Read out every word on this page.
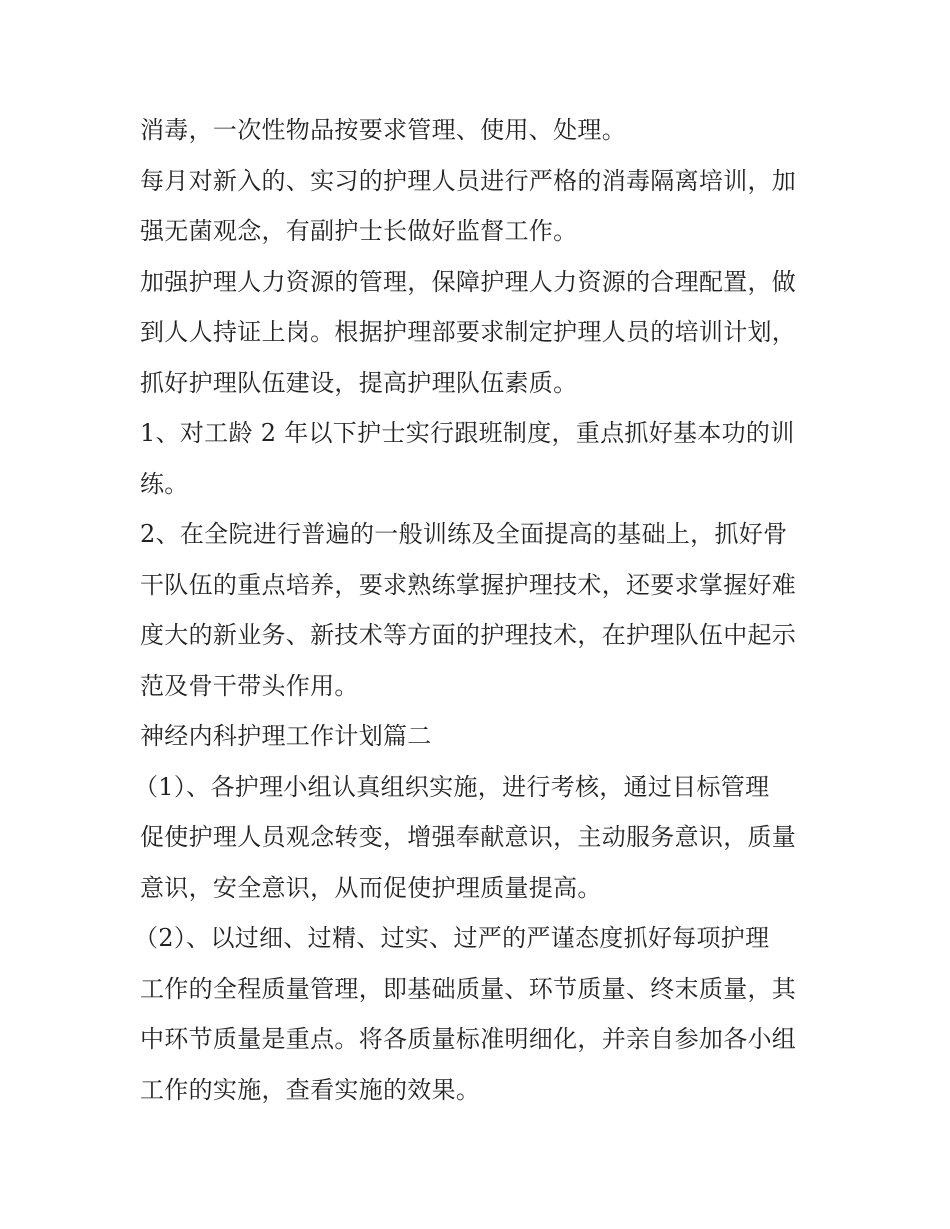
消毒，一次性物品按要求管理、使用、处理。
每月对新入的、实习的护理人员进行严格的消毒隔离培训，加
强无菌观念，有副护士长做好监督工作。
加强护理人力资源的管理，保障护理人力资源的合理配置，做
到人人持证上岗。根据护理部要求制定护理人员的培训计划，
抓好护理队伍建设，提高护理队伍素质。
1、对工龄 2 年以下护士实行跟班制度，重点抓好基本功的训
练。
2、在全院进行普遍的一般训练及全面提高的基础上，抓好骨
干队伍的重点培养，要求熟练掌握护理技术，还要求掌握好难
度大的新业务、新技术等方面的护理技术，在护理队伍中起示
范及骨干带头作用。
神经内科护理工作计划篇二
（1）、各护理小组认真组织实施，进行考核，通过目标管理
促使护理人员观念转变，增强奉献意识，主动服务意识，质量
意识，安全意识，从而促使护理质量提高。
（2）、以过细、过精、过实、过严的严谨态度抓好每项护理
工作的全程质量管理，即基础质量、环节质量、终末质量，其
中环节质量是重点。将各质量标准明细化，并亲自参加各小组
工作的实施，查看实施的效果。
